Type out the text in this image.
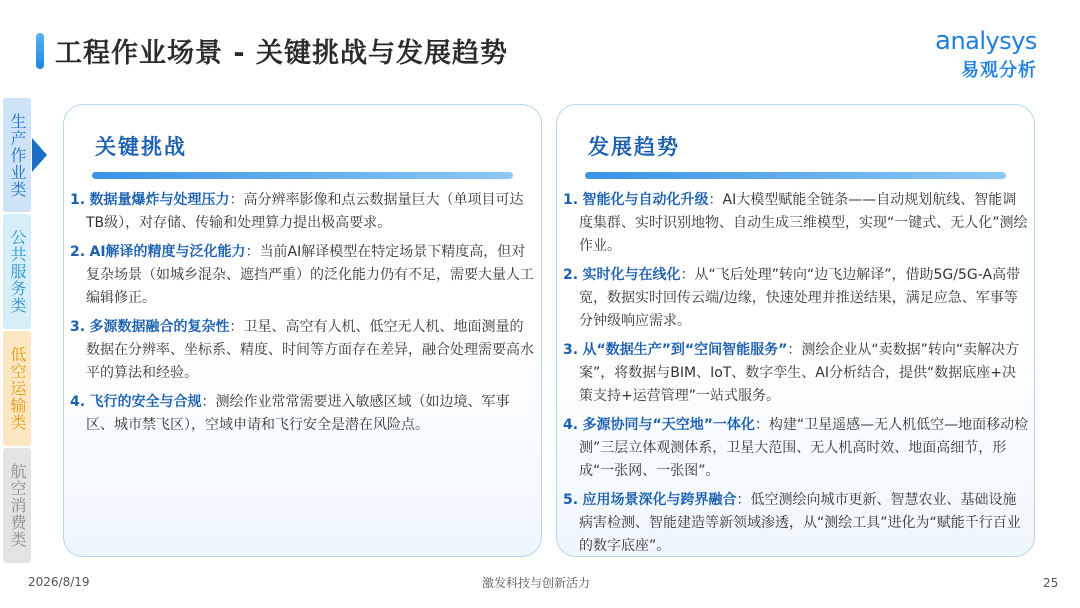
工程作业场景 - 关键挑战与发展趋势	analysys
易观分析
生产作业类
公共服务类
低空运输类
航空消费类
关键挑战
1. 数据量爆炸与处理压力：高分辨率影像和点云数据量巨大（单项目可达TB级），对存储、传输和处理算力提出极高要求。
2. AI解译的精度与泛化能力：当前AI解译模型在特定场景下精度高，但对复杂场景（如城乡混杂、遮挡严重）的泛化能力仍有不足，需要大量人工编辑修正。
3. 多源数据融合的复杂性：卫星、高空有人机、低空无人机、地面测量的数据在分辨率、坐标系、精度、时间等方面存在差异，融合处理需要高水平的算法和经验。
4. 飞行的安全与合规：测绘作业常常需要进入敏感区域（如边境、军事区、城市禁飞区），空域申请和飞行安全是潜在风险点。
发展趋势
1. 智能化与自动化升级：AI大模型赋能全链条——自动规划航线、智能调度集群、实时识别地物、自动生成三维模型，实现“一键式、无人化”测绘作业。
2. 实时化与在线化：从“飞后处理”转向“边飞边解译”，借助5G/5G-A高带宽，数据实时回传云端/边缘，快速处理并推送结果，满足应急、军事等分钟级响应需求。
3. 从“数据生产”到“空间智能服务”：测绘企业从“卖数据”转向“卖解决方案”，将数据与BIM、IoT、数字孪生、AI分析结合，提供“数据底座+决策支持+运营管理”一站式服务。
4. 多源协同与“天空地”一体化：构建“卫星遥感—无人机低空—地面移动检测”三层立体观测体系，卫星大范围、无人机高时效、地面高细节，形成“一张网、一张图”。
5. 应用场景深化与跨界融合：低空测绘向城市更新、智慧农业、基础设施病害检测、智能建造等新领域渗透，从“测绘工具”进化为“赋能千行百业的数字底座”。
2026/8/19	激发科技与创新活力	25
